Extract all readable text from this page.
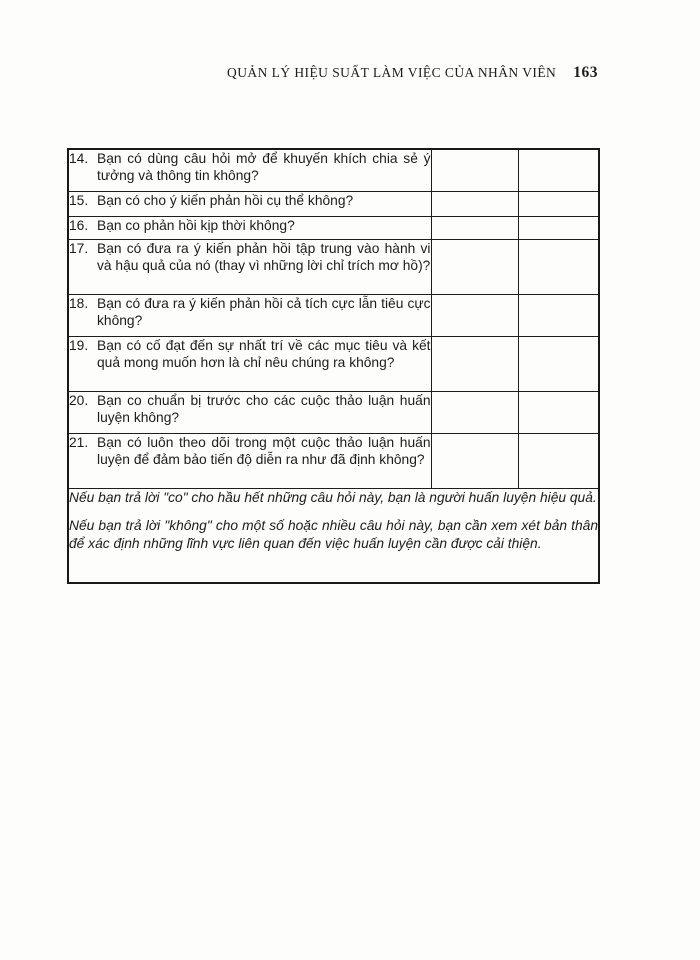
QUẢN LÝ HIỆU SUẤT LÀM VIỆC CỦA NHÂN VIÊN 163
14. Bạn có dùng câu hỏi mở để khuyến khích chia sẻ ý tưởng và thông tin không?		

15. Bạn có cho ý kiến phản hồi cụ thể không?		

16. Bạn co phản hồi kịp thời không?		

17. Bạn có đưa ra ý kiến phản hồi tập trung vào hành vi và hậu quả của nó (thay vì những lời chỉ trích mơ hồ)?		

18. Bạn có đưa ra ý kiến phản hồi cả tích cực lẫn tiêu cực không?		

19. Bạn có cố đạt đến sự nhất trí về các mục tiêu và kết quả mong muốn hơn là chỉ nêu chúng ra không?		

20. Bạn co chuẩn bị trước cho các cuộc thảo luận huấn luyện không?		

21. Bạn có luôn theo dõi trong một cuộc thảo luận huấn luyện để đảm bảo tiến độ diễn ra như đã định không?		

Nếu bạn trả lời "co" cho hầu hết những câu hỏi này, bạn là người huấn luyện hiệu quả.

Nếu bạn trả lời "không" cho một số hoặc nhiều câu hỏi này, bạn cần xem xét bản thân để xác định những lĩnh vực liên quan đến việc huấn luyện cần được cải thiện.		
